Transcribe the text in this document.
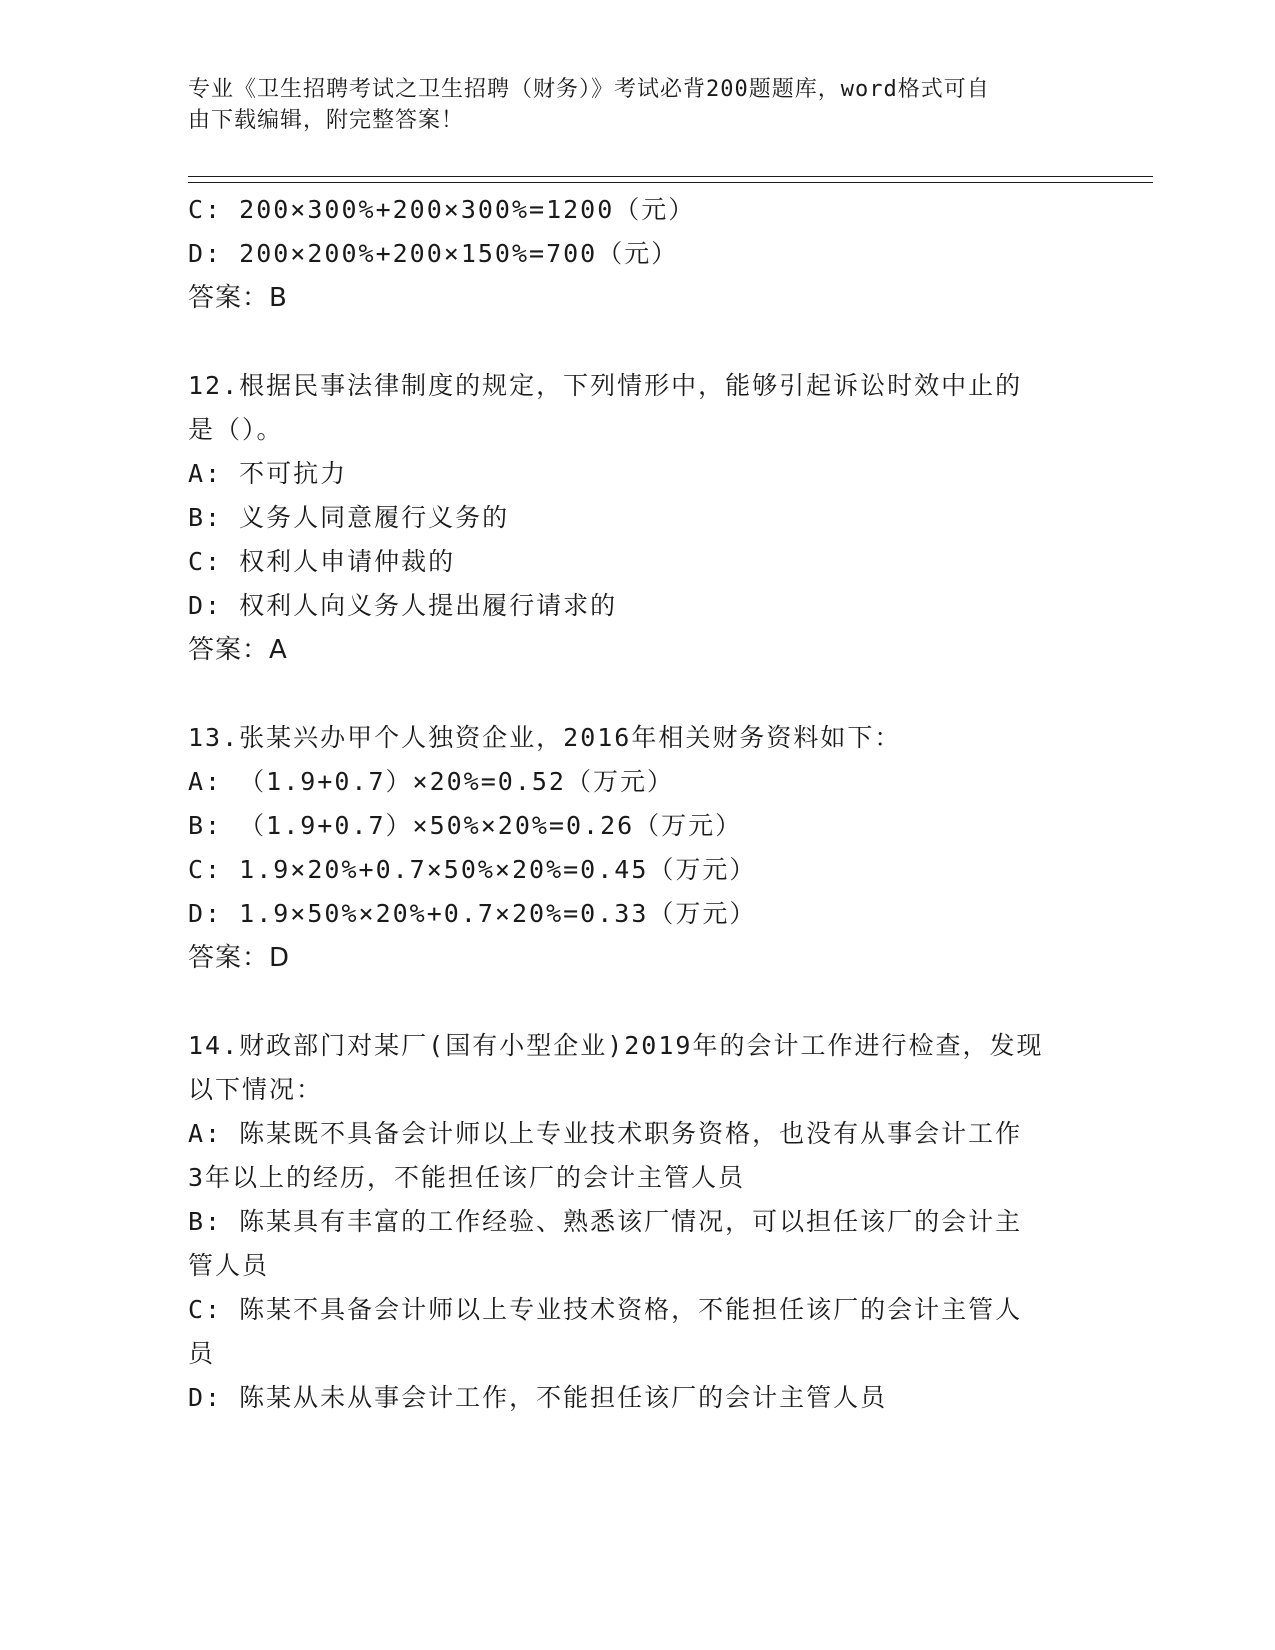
专业《卫生招聘考试之卫生招聘（财务）》考试必背200题题库，word格式可自
由下载编辑，附完整答案！
C: 200×300%+200×300%=1200（元）
D: 200×200%+200×150%=700（元）
答案：B
12.根据民事法律制度的规定，下列情形中，能够引起诉讼时效中止的
是（）。
A: 不可抗力
B: 义务人同意履行义务的
C: 权利人申请仲裁的
D: 权利人向义务人提出履行请求的
答案：A
13.张某兴办甲个人独资企业，2016年相关财务资料如下：
A: （1.9+0.7）×20%=0.52（万元）
B: （1.9+0.7）×50%×20%=0.26（万元）
C: 1.9×20%+0.7×50%×20%=0.45（万元）
D: 1.9×50%×20%+0.7×20%=0.33（万元）
答案：D
14.财政部门对某厂(国有小型企业)2019年的会计工作进行检查，发现
以下情况：
A: 陈某既不具备会计师以上专业技术职务资格，也没有从事会计工作
3年以上的经历，不能担任该厂的会计主管人员
B: 陈某具有丰富的工作经验、熟悉该厂情况，可以担任该厂的会计主
管人员
C: 陈某不具备会计师以上专业技术资格，不能担任该厂的会计主管人
员
D: 陈某从未从事会计工作，不能担任该厂的会计主管人员
